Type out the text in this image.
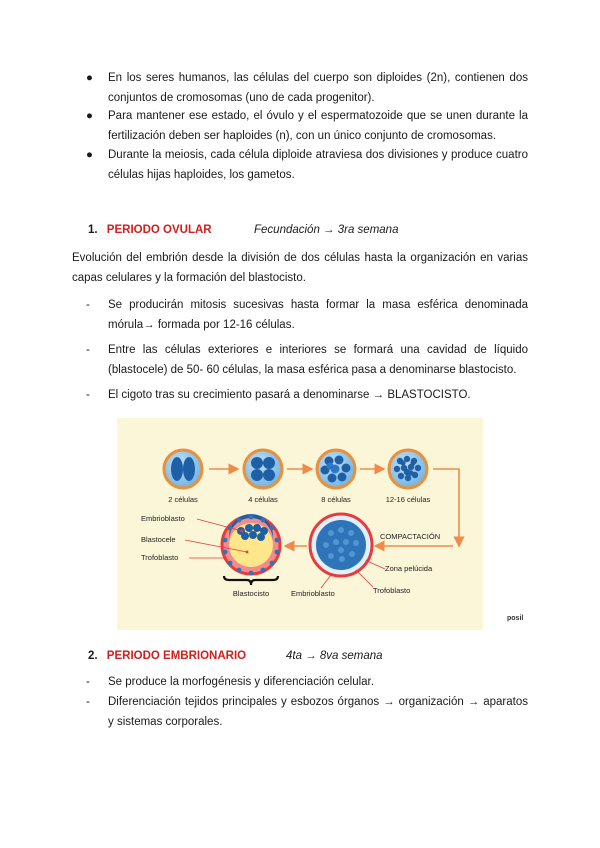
● En los seres humanos, las células del cuerpo son diploides (2n), contienen dos conjuntos de cromosomas (uno de cada progenitor).
● Para mantener ese estado, el óvulo y el espermatozoide que se unen durante la fertilización deben ser haploides (n), con un único conjunto de cromosomas.
● Durante la meiosis, cada célula diploide atraviesa dos divisiones y produce cuatro células hijas haploides, los gametos.
1. PERIODO OVULAR	Fecundación → 3ra semana
Evolución del embrión desde la división de dos células hasta la organización en varias capas celulares y la formación del blastocisto.
- Se producirán mitosis sucesivas hasta formar la masa esférica denominada mórula→ formada por 12-16 células.
- Entre las células exteriores e interiores se formará una cavidad de líquido (blastocele) de 50- 60 células, la masa esférica pasa a denominarse blastocisto.
- El cigoto tras su crecimiento pasará a denominarse → BLASTOCISTO.
2 células	4 células	8 células	12-16 células
Embrioblasto
Blastocele
Trofoblasto
Blastocisto
COMPACTACIÓN
Zona pelúcida
Trofoblasto
Embrioblasto
posil
2. PERIODO EMBRIONARIO	4ta → 8va semana
- Se produce la morfogénesis y diferenciación celular.
- Diferenciación tejidos principales y esbozos órganos → organización → aparatos y sistemas corporales.
